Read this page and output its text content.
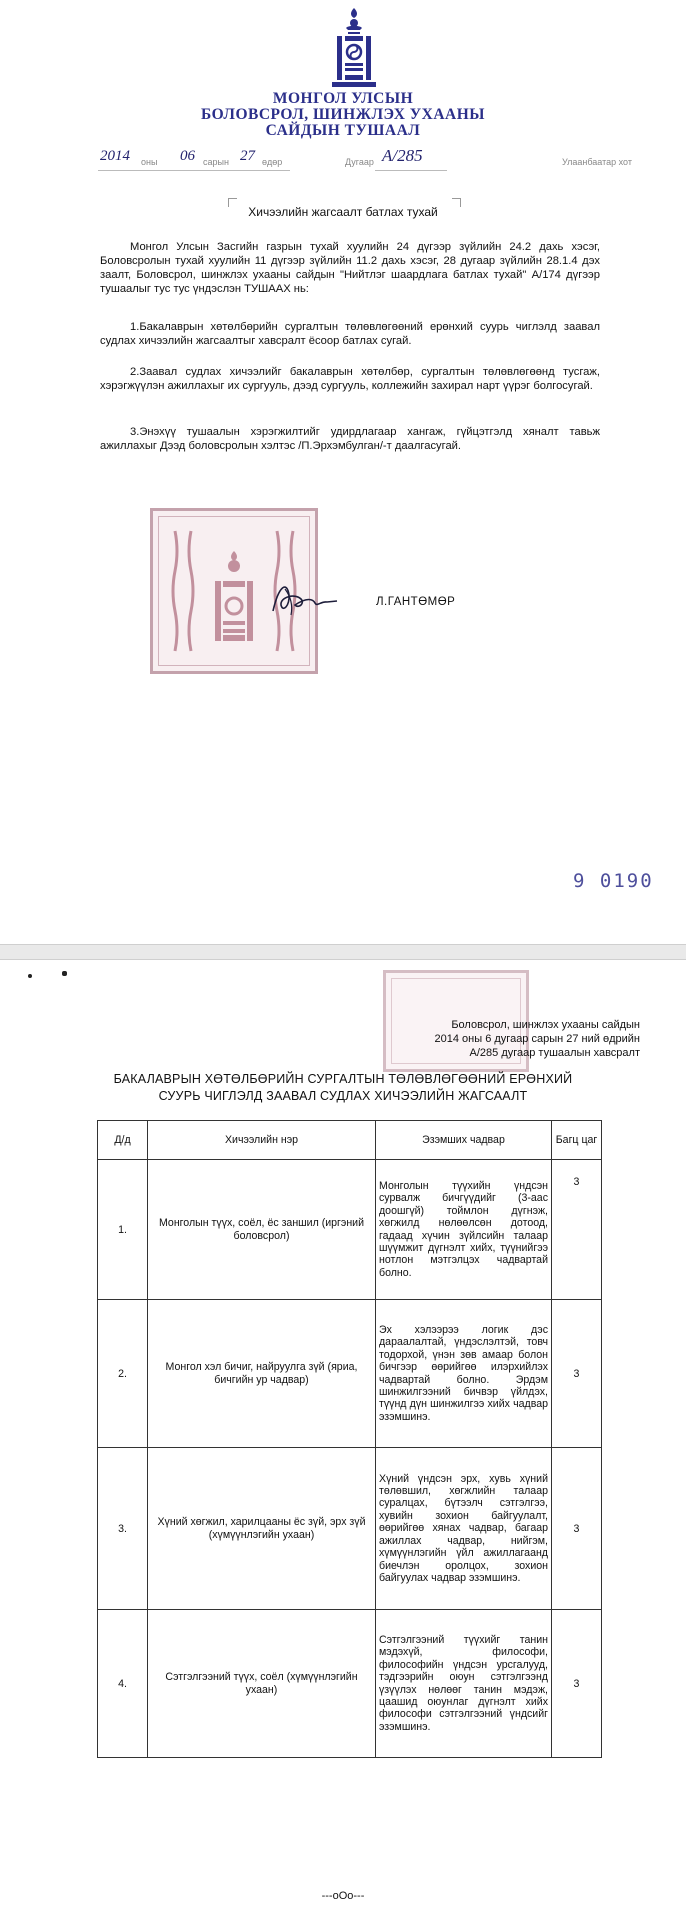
МОНГОЛ УЛСЫН
БОЛОВСРОЛ, ШИНЖЛЭХ УХААНЫ
САЙДЫН ТУШААЛ
2014 оны 06 сарын 27 өдөр	Дугаар А/285	Улаанбаатар хот
Хичээлийн жагсаалт батлах тухай
Монгол Улсын Засгийн газрын тухай хуулийн 24 дүгээр зүйлийн 24.2 дахь хэсэг, Боловсролын тухай хуулийн 11 дүгээр зүйлийн 11.2 дахь хэсэг, 28 дугаар зүйлийн 28.1.4 дэх заалт, Боловсрол, шинжлэх ухааны сайдын "Нийтлэг шаардлага батлах тухай" А/174 дүгээр тушаалыг тус тус үндэслэн ТУШААХ нь:
1.Бакалаврын хөтөлбөрийн сургалтын төлөвлөгөөний ерөнхий суурь чиглэлд заавал судлах хичээлийн жагсаалтыг хавсралт ёсоор батлах сугай.
2.Заавал судлах хичээлийг бакалаврын хөтөлбөр, сургалтын төлөвлөгөөнд тусгаж, хэрэгжүүлэн ажиллахыг их сургууль, дээд сургууль, коллежийн захирал нарт үүрэг болгосугай.
3.Энэхүү тушаалын хэрэгжилтийг удирдлагаар хангаж, гүйцэтгэлд хяналт тавьж ажиллахыг Дээд боловсролын хэлтэс /П.Эрхэмбулган/-т даалгасугай.
Л.ГАНТӨМӨР
9 0190
Боловсрол, шинжлэх ухааны сайдын
2014 оны 6 дугаар сарын 27 ний өдрийн
А/285 дугаар тушаалын хавсралт
БАКАЛАВРЫН ХӨТӨЛБӨРИЙН СУРГАЛТЫН ТӨЛӨВЛӨГӨӨНИЙ ЕРӨНХИЙ
СУУРЬ ЧИГЛЭЛД ЗААВАЛ СУДЛАХ ХИЧЭЭЛИЙН ЖАГСААЛТ
Д/д	Хичээлийн нэр	Эзэмших чадвар	Багц цаг
1.	Монголын түүх, соёл, ёс заншил (иргэний боловсрол)	Монголын түүхийн үндсэн сурвалж бичгүүдийг (3-аас доошгүй) тоймлон дүгнэж, хөгжилд нөлөөлсөн дотоод, гадаад хүчин зүйлсийн талаар шүүмжит дүгнэлт хийх, түүнийгээ нотлон мэтгэлцэх чадвартай болно.	3
2.	Монгол хэл бичиг, найруулга зүй (яриа, бичгийн ур чадвар)	Эх хэлээрээ логик дэс дараалалтай, үндэслэлтэй, товч тодорхой, үнэн зөв амаар болон бичгээр өөрийгөө илэрхийлэх чадвартай болно. Эрдэм шинжилгээний бичвэр үйлдэх, түүнд дүн шинжилгээ хийх чадвар эзэмшинэ.	3
3.	Хүний хөгжил, харилцааны ёс зүй, эрх зүй (хүмүүнлэгийн ухаан)	Хүний үндсэн эрх, хувь хүний төлөвшил, хөгжлийн талаар суралцах, бүтээлч сэтгэлгээ, хувийн зохион байгуулалт, өөрийгөө хянах чадвар, багаар ажиллах чадвар, нийгэм, хүмүүнлэгийн үйл ажиллагаанд биечлэн оролцох, зохион байгуулах чадвар эзэмшинэ.	3
4.	Сэтгэлгээний түүх, соёл (хүмүүнлэгийн ухаан)	Сэтгэлгээний түүхийг танин мэдэхүй, философи, философийн үндсэн урсгалууд, тэдгээрийн оюун сэтгэлгээнд үзүүлэх нөлөөг танин мэдэж, цаашид оюунлаг дүгнэлт хийх философи сэтгэлгээний үндсийг эзэмшинэ.	3
---oOo---
